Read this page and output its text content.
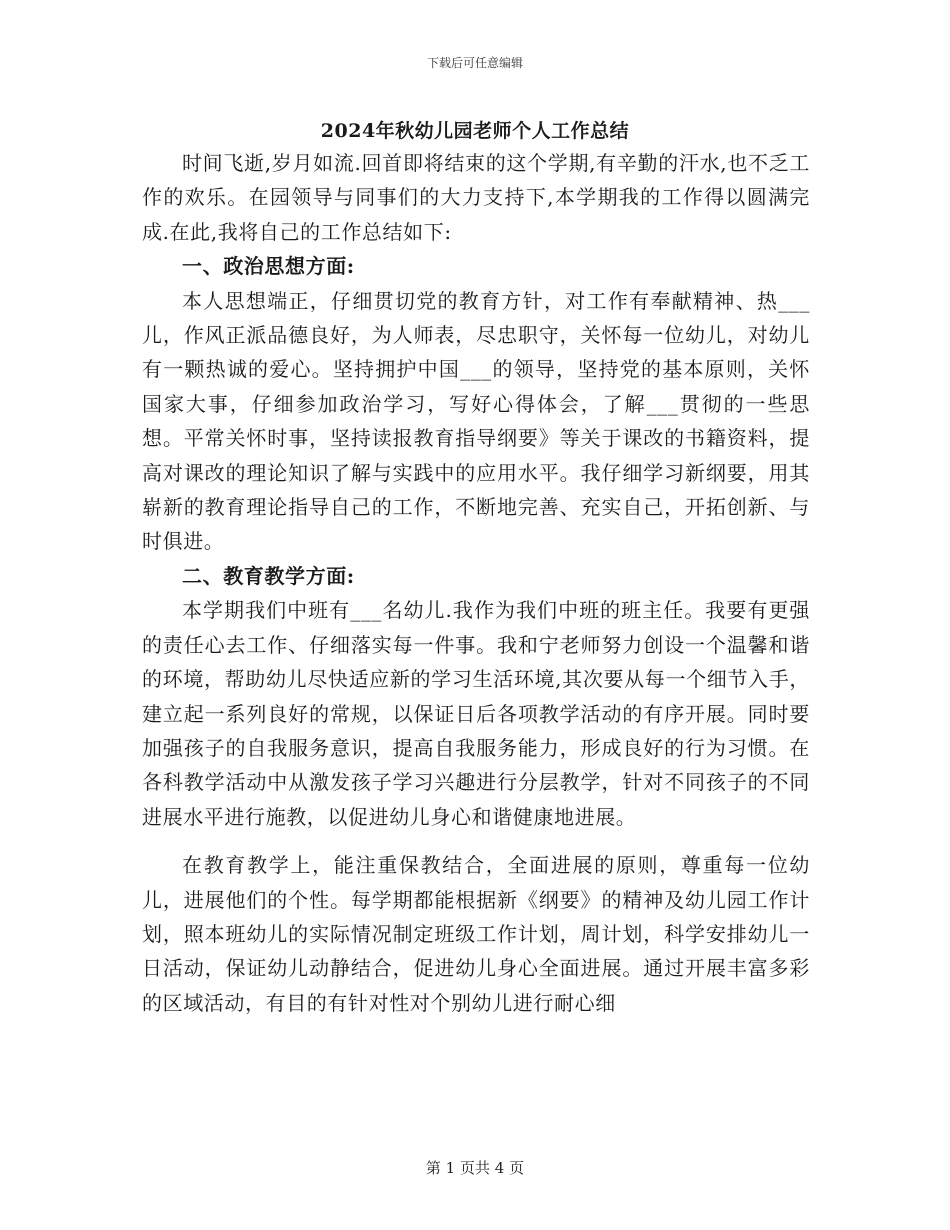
下载后可任意编辑
2024年秋幼儿园老师个人工作总结

时间飞逝,岁月如流.回首即将结束的这个学期,有辛勤的汗水,也不乏工作的欢乐。在园领导与同事们的大力支持下,本学期我的工作得以圆满完成.在此,我将自己的工作总结如下:

一、政治思想方面:

本人思想端正，仔细贯切党的教育方针，对工作有奉献精神、热___儿，作风正派品德良好，为人师表，尽忠职守，关怀每一位幼儿，对幼儿有一颗热诚的爱心。坚持拥护中国___的领导，坚持党的基本原则，关怀国家大事，仔细参加政治学习，写好心得体会，了解___贯彻的一些思想。平常关怀时事，坚持读报教育指导纲要》等关于课改的书籍资料，提高对课改的理论知识了解与实践中的应用水平。我仔细学习新纲要，用其崭新的教育理论指导自己的工作，不断地完善、充实自己，开拓创新、与时俱进。

二、教育教学方面:

本学期我们中班有___名幼儿.我作为我们中班的班主任。我要有更强的责任心去工作、仔细落实每一件事。我和宁老师努力创设一个温馨和谐的环境，帮助幼儿尽快适应新的学习生活环境,其次要从每一个细节入手，建立起一系列良好的常规，以保证日后各项教学活动的有序开展。同时要加强孩子的自我服务意识，提高自我服务能力，形成良好的行为习惯。在各科教学活动中从激发孩子学习兴趣进行分层教学，针对不同孩子的不同进展水平进行施教，以促进幼儿身心和谐健康地进展。

在教育教学上，能注重保教结合，全面进展的原则，尊重每一位幼儿，进展他们的个性。每学期都能根据新《纲要》的精神及幼儿园工作计划，照本班幼儿的实际情况制定班级工作计划，周计划，科学安排幼儿一日活动，保证幼儿动静结合，促进幼儿身心全面进展。通过开展丰富多彩的区域活动，有目的有针对性对个别幼儿进行耐心细

第 1 页共 4 页
